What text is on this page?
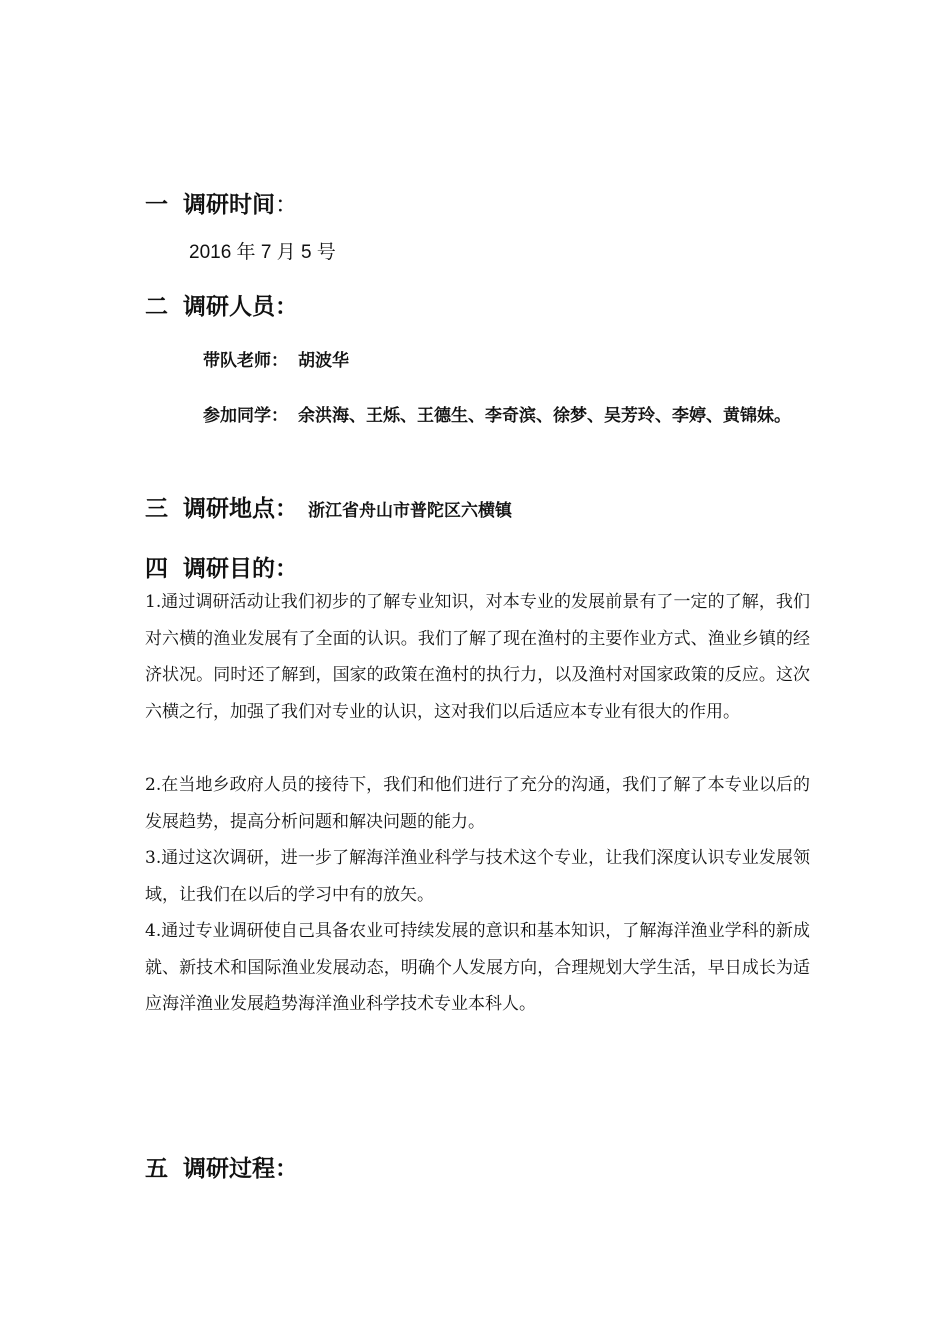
一 调研时间：
2016 年 7 月 5 号
二 调研人员：
带队老师： 胡波华
参加同学： 余洪海、王烁、王德生、李奇滨、徐梦、吴芳玲、李婷、黄锦妹。
三 调研地点： 浙江省舟山市普陀区六横镇
四 调研目的：
1.通过调研活动让我们初步的了解专业知识，对本专业的发展前景有了一定的了解，我们对六横的渔业发展有了全面的认识。我们了解了现在渔村的主要作业方式、渔业乡镇的经济状况。同时还了解到，国家的政策在渔村的执行力，以及渔村对国家政策的反应。这次六横之行，加强了我们对专业的认识，这对我们以后适应本专业有很大的作用。
2.在当地乡政府人员的接待下，我们和他们进行了充分的沟通，我们了解了本专业以后的发展趋势，提高分析问题和解决问题的能力。
3.通过这次调研，进一步了解海洋渔业科学与技术这个专业，让我们深度认识专业发展领域，让我们在以后的学习中有的放矢。
4.通过专业调研使自己具备农业可持续发展的意识和基本知识，了解海洋渔业学科的新成就、新技术和国际渔业发展动态，明确个人发展方向，合理规划大学生活，早日成长为适应海洋渔业发展趋势海洋渔业科学技术专业本科人。
五 调研过程：
